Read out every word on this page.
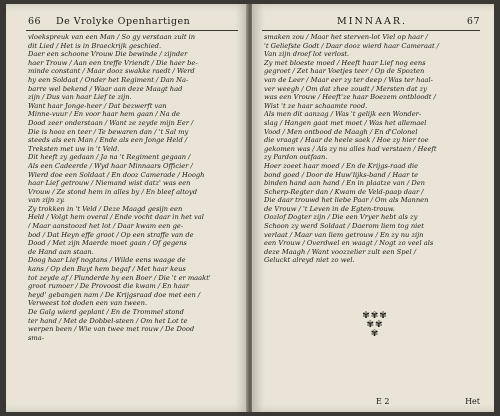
66 De Vrolyke Openhartigen
vloekspreuk van een Man / So gy verstaan zult in
dit Lied / Het is in Braeckrijk geschied.
Daer een schoone Vrouw Die bewinde / zijnder
haer Trouw / Aan een treffe Vriendt / Die haer be-
minde constant / Maar dooz swakke raedt / Werd
hy een Soldaat / Onder het Regiment / Dan Na-
barre wel bekend / Waar aan deze Maagt had
zijn / Dus van haar Lief te zijn.
Want haar Jonge-heer / Dat bezwerft van
Minne-vuur / En voor haar hem gaan / Na de
Dood zeer onderstaan / Want ze zeyde mijn Eer /
Die is hooz en teer / Te bewaren dan / 't Sal my
steeds als een Man / Ende als een Jonge Held /
Treksten met uw in 't Veld.
Dit heeft zy gedaan / Ja na 't Regiment gegaan /
Als een Cadeerde / Wyd haar Minnaars Officier /
Wierd doe een Soldaat / En dooz Camerade / Hoogh
haar Lief getrouw / Niemand wist datz' was een
Vrouw / Ze stond hem in alles by / En bleef altoyd
van zijn zy.
Zy trokken in 't Veld / Deze Maagd gesijn een
Held / Volgt hem overal / Ende vocht daar in het val
/ Maar aanstoozd het lot / Daar kwam een ge-
bod / Dat Heyn effe groot / Op een straffe van de
Dood / Met zijn Maerde moet gaan / Of gegens
de Hand aan staan.
Doog haar Lief nogtans / Wilde eens waage de
kans / Op den Buyt hem begaf / Met haar keus
tot zeyde af / Plunderde hy een Boer / Die 't er maakt'
groot rumoer / De Provoost die kwam / En haar
heyd' gebangen nam / De Krijgsraad doe met een /
Verweest tot doden een van tween.
De Galg wierd geplant / En de Trommel stond
ter hand / Met de Dobbel-steen / Om het Lot te
werpen been / Wie van twee met rouw / De Dood
sma-
MINNAAR.	67
smaken zou / Maar het sterven-lot Viel op haar /
't Geliefste Godt / Daar dooz wierd haar Cameraat /
Van zijn droef lot verlost.
Zy met bloeste moed / Heeft haar Lief nog eens
gegroet / Zet haar Voetjes teer / Op de Spozten
van de Leer / Maar eer zy ter deep / Was ter haal-
ver weegh / Om dat zhee zoudt / Mersten dat zy
was een Vrouw / Heeft'ze haar Boezem ontbloodt /
Wist 't ze haar schaamte rood.
Als men dit aanzag / Was 't gelijk een Wonder-
slag / Hangen gaat met moet / Was het allemael
Vood / Men ontbood de Maagh / En d'Colonel
die vraagt / Haar de heele saek / Hoe zy hier toe
gekomen was / Als zy nu alles had verstaen / Heeft
zy Pardon outfaan.
Hoer zoeet haar moed / En de Krijgs-raad die
bond goed / Door de Huw'lijks-band / Haar te
binden hand aan hand / En in plaatze van / Den
Scherp-Regter dan / Kwam de Veld-paap daar /
Die daar trouwd het liebe Paar / Om als Mannen
de Vrouw / 't Leven in de Egten-trouw.
Oozlof Dogter zijn / Die een Vryer hebt als zy
Schoon zy werd Soldaat / Daerom liem tog niet
verlaat / Maar van liem getrouw / En zy nu zijn
een Vrouw / Overdwel en waagt / Nogt zo veel als
deze Maagh / Want voozzelier zult een Spel /
Geluckt alreyd niet zo wel.
✾✾✾
✾✾
✾
E 2	Het
